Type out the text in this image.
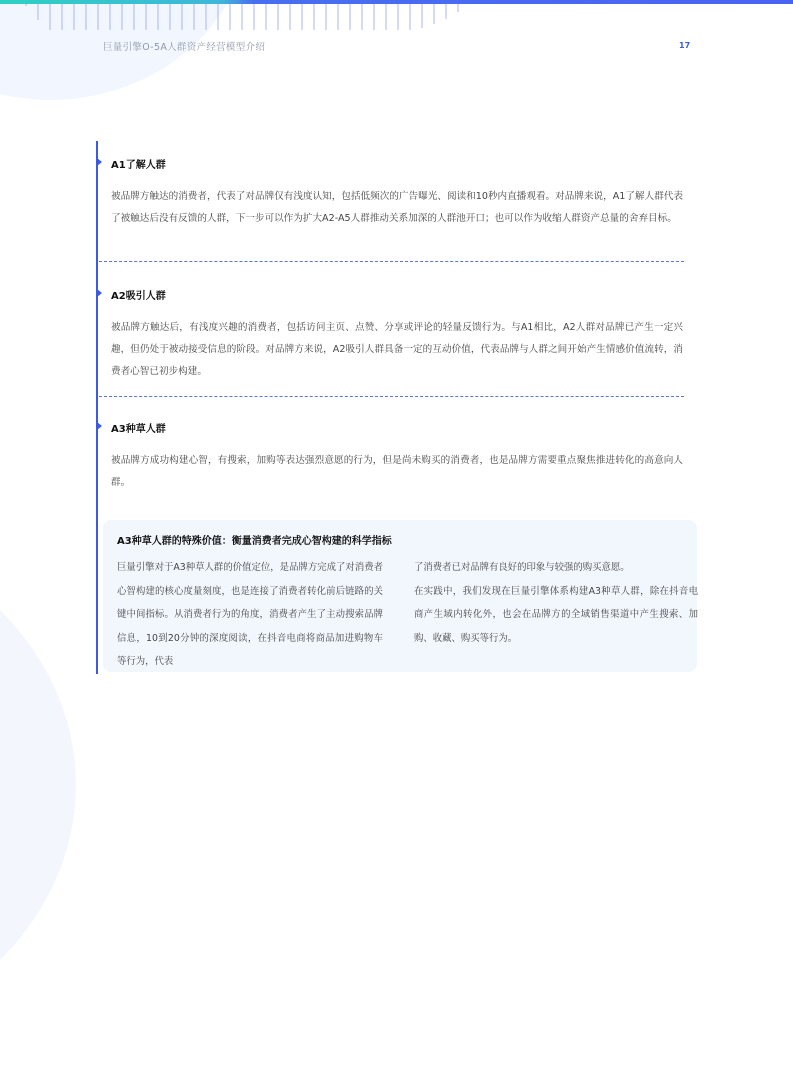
巨量引擎O-5A人群资产经营模型介绍	17
A1了解人群
被品牌方触达的消费者，代表了对品牌仅有浅度认知，包括低频次的广告曝光、阅读和10秒内直播观看。对品牌来说，A1了解人群代表了被触达后没有反馈的人群，下一步可以作为扩大A2-A5人群推动关系加深的人群池开口；也可以作为收缩人群资产总量的舍弃目标。
A2吸引人群
被品牌方触达后，有浅度兴趣的消费者，包括访问主页、点赞、分享或评论的轻量反馈行为。与A1相比，A2人群对品牌已产生一定兴趣，但仍处于被动接受信息的阶段。对品牌方来说，A2吸引人群具备一定的互动价值，代表品牌与人群之间开始产生情感价值流转，消费者心智已初步构建。
A3种草人群
被品牌方成功构建心智，有搜索，加购等表达强烈意愿的行为，但是尚未购买的消费者，也是品牌方需要重点聚焦推进转化的高意向人群。
A3种草人群的特殊价值：衡量消费者完成心智构建的科学指标
巨量引擎对于A3种草人群的价值定位，是品牌方完成了对消费者心智构建的核心度量刻度，也是连接了消费者转化前后链路的关键中间指标。从消费者行为的角度，消费者产生了主动搜索品牌信息，10到20分钟的深度阅读，在抖音电商将商品加进购物车等行为，代表
了消费者已对品牌有良好的印象与较强的购买意愿。
在实践中，我们发现在巨量引擎体系构建A3种草人群，除在抖音电商产生域内转化外，也会在品牌方的全域销售渠道中产生搜索、加购、收藏、购买等行为。
